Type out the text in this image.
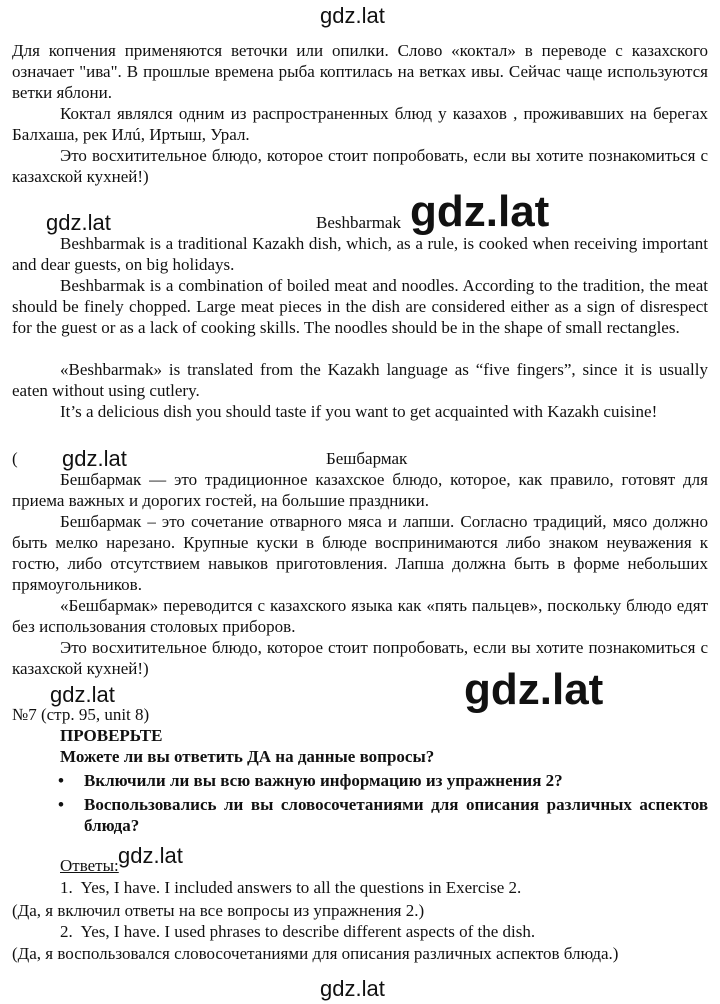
gdz.lat
gdz.lat	gdz.lat
gdz.lat
gdz.lat
gdz.lat
gdz.lat
gdz.lat

Для копчения применяются веточки или опилки. Слово «коктал» в переводе с казахского означает "ива". В прошлые времена рыба коптилась на ветках ивы. Сейчас чаще используются ветки яблони.

Коктал являлся одним из распространенных блюд у казахов , проживавших на берегах Балхаша, рек Илú, Иртыш, Урал.

Это восхитительное блюдо, которое стоит попробовать, если вы хотите познакомиться с казахской кухней!)

Beshbarmak

Beshbarmak is a traditional Kazakh dish, which, as a rule, is cooked when receiving important and dear guests, on big holidays.

Beshbarmak is a combination of boiled meat and noodles. According to the tradition, the meat should be finely chopped. Large meat pieces in the dish are considered either as a sign of disrespect for the guest or as a lack of cooking skills. The noodles should be in the shape of small rectangles.

«Beshbarmak» is translated from the Kazakh language as “five fingers”, since it is usually eaten without using cutlery.

It’s a delicious dish you should taste if you want to get acquainted with Kazakh cuisine!

(	Бешбармак

Бешбармак — это традиционное казахское блюдо, которое, как правило, готовят для приема важных и дорогих гостей, на большие праздники.

Бешбармак – это сочетание отварного мяса и лапши. Согласно традиций, мясо должно быть мелко нарезано. Крупные куски в блюде воспринимаются либо знаком неуважения к гостю, либо отсутствием навыков приготовления. Лапша должна быть в форме небольших прямоугольников.

«Бешбармак» переводится с казахского языка как «пять пальцев», поскольку блюдо едят без использования столовых приборов.

Это восхитительное блюдо, которое стоит попробовать, если вы хотите познакомиться с казахской кухней!)

№7 (стр. 95, unit 8)
ПРОВЕРЬТЕ
Можете ли вы ответить ДА на данные вопросы?
• Включили ли вы всю важную информацию из упражнения 2?
• Воспользовались ли вы словосочетаниями для описания различных аспектов блюда?
Ответы:
1. Yes, I have. I included answers to all the questions in Exercise 2.
(Да, я включил ответы на все вопросы из упражнения 2.)
2. Yes, I have. I used phrases to describe different aspects of the dish.
(Да, я воспользовался словосочетаниями для описания различных аспектов блюда.)
